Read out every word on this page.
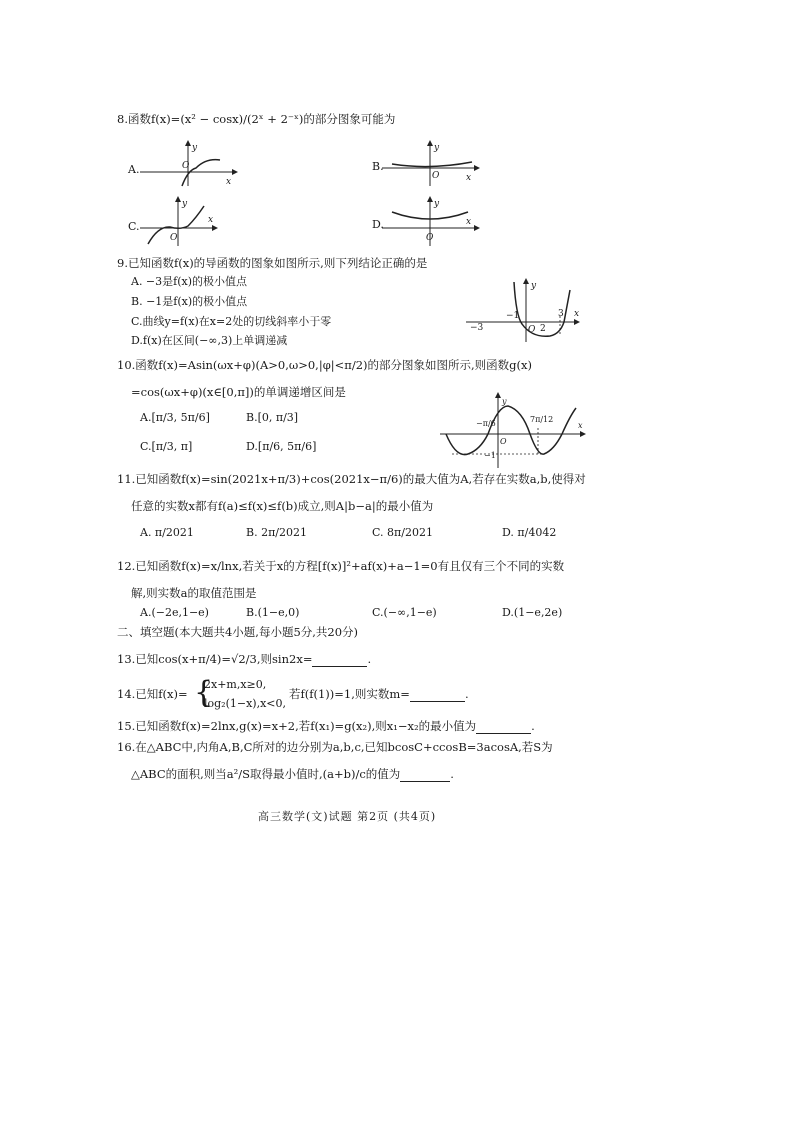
8.函数f(x)=(x² − cosx)/(2ˣ + 2⁻ˣ)的部分图象可能为
A.
y
O
x
B.
y
O	x
C.
y
O
x	D.
y
O
x
9.已知函数f(x)的导函数的图象如图所示,则下列结论正确的是
A. −3是f(x)的极小值点
B. −1是f(x)的极小值点
C.曲线y=f(x)在x=2处的切线斜率小于零
D.f(x)在区间(−∞,3)上单调递减
−3
−1
O 2
3
y
x
10.函数f(x)=Asin(ωx+φ)(A>0,ω>0,|φ|<π/2)的部分图象如图所示,则函数g(x)
=cos(ωx+φ)(x∈[0,π])的单调递增区间是
A.[π/3, 5π/6]	B.[0, π/3]
C.[π/3, π]	D.[π/6, 5π/6]
−π/6	7π/12
−1
O
y
x
11.已知函数f(x)=sin(2021x+π/3)+cos(2021x−π/6)的最大值为A,若存在实数a,b,使得对
任意的实数x都有f(a)≤f(x)≤f(b)成立,则A|b−a|的最小值为
A. π/2021	B. 2π/2021	C. 8π/2021	D. π/4042
12.已知函数f(x)=x/lnx,若关于x的方程[f(x)]²+af(x)+a−1=0有且仅有三个不同的实数
解,则实数a的取值范围是
A.(−2e,1−e)	B.(1−e,0)	C.(−∞,1−e)	D.(1−e,2e)
二、填空题(本大题共4小题,每小题5分,共20分)
13.已知cos(x+π/4)=√2/3,则sin2x=	.
14.已知f(x)= {
2x+m,x≥0,
log₂(1−x),x<0,
若f(f(1))=1,则实数m=	.
15.已知函数f(x)=2lnx,g(x)=x+2,若f(x₁)=g(x₂),则x₁−x₂的最小值为	.
16.在△ABC中,内角A,B,C所对的边分别为a,b,c,已知bcosC+ccosB=3acosA,若S为
△ABC的面积,则当a²/S取得最小值时,(a+b)/c的值为	.
高三数学(文)试题 第2页 (共4页)
